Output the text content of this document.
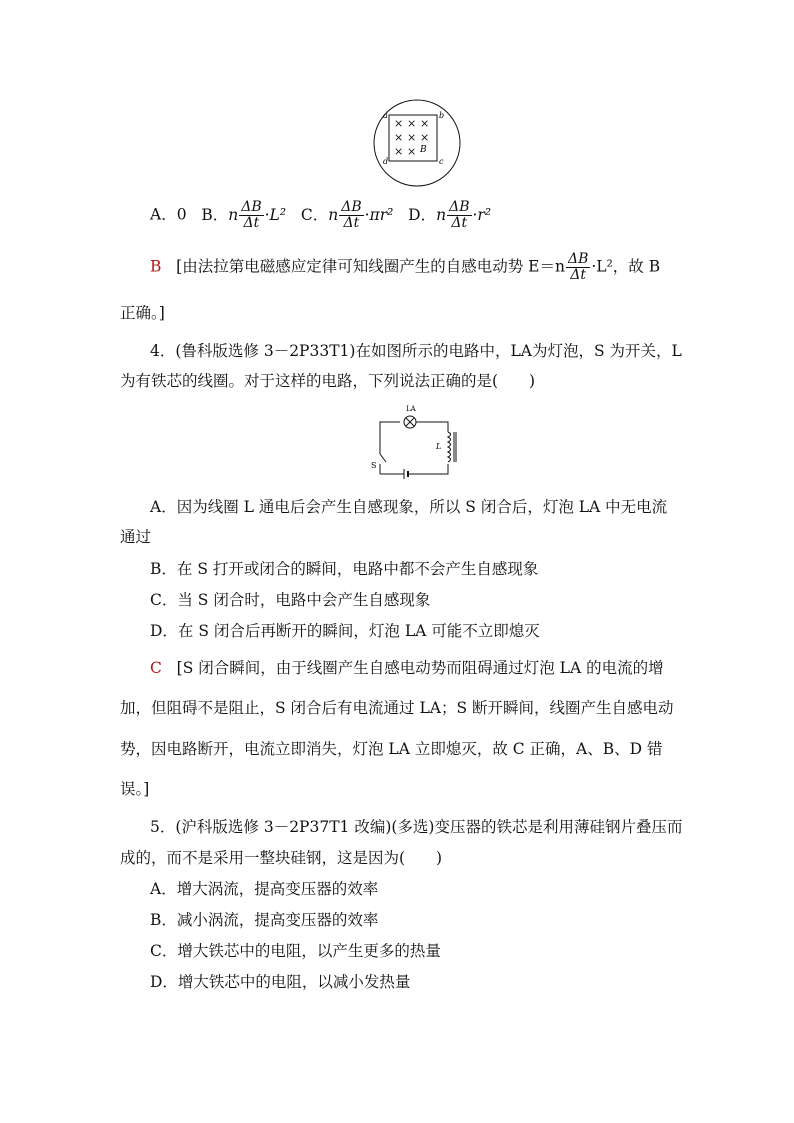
a	b
c
d
× × ×
× × ×
× × B
A．0 B．n $\frac{\Delta B}{\Delta t} \cdot L^2$ C．n $\frac{\Delta B}{\Delta t} \cdot\pi r^2$ D．n $\frac{\Delta B}{\Delta t} \cdot r^2$
B [由法拉第电磁感应定律可知线圈产生的自感电动势 $E=n \frac{\Delta B}{\Delta t} \cdot L^2$，故 B
正确。]
4．(鲁科版选修 3－2P33T1)在如图所示的电路中，LA为灯泡，S 为开关，L
为有铁芯的线圈。对于这样的电路，下列说法正确的是(　　)
LA
L
S
A．因为线圈 L 通电后会产生自感现象，所以 S 闭合后，灯泡 LA 中无电流
通过
B．在 S 打开或闭合的瞬间，电路中都不会产生自感现象
C．当 S 闭合时，电路中会产生自感现象
D．在 S 闭合后再断开的瞬间，灯泡 LA 可能不立即熄灭
C [S 闭合瞬间，由于线圈产生自感电动势而阻碍通过灯泡 LA 的电流的增
加，但阻碍不是阻止，S 闭合后有电流通过 LA；S 断开瞬间，线圈产生自感电动
势，因电路断开，电流立即消失，灯泡 LA 立即熄灭，故 C 正确，A、B、D 错
误。]
5．(沪科版选修 3－2P37T1 改编)(多选)变压器的铁芯是利用薄硅钢片叠压而
成的，而不是采用一整块硅钢，这是因为(　　)
A．增大涡流，提高变压器的效率
B．减小涡流，提高变压器的效率
C．增大铁芯中的电阻，以产生更多的热量
D．增大铁芯中的电阻，以减小发热量
